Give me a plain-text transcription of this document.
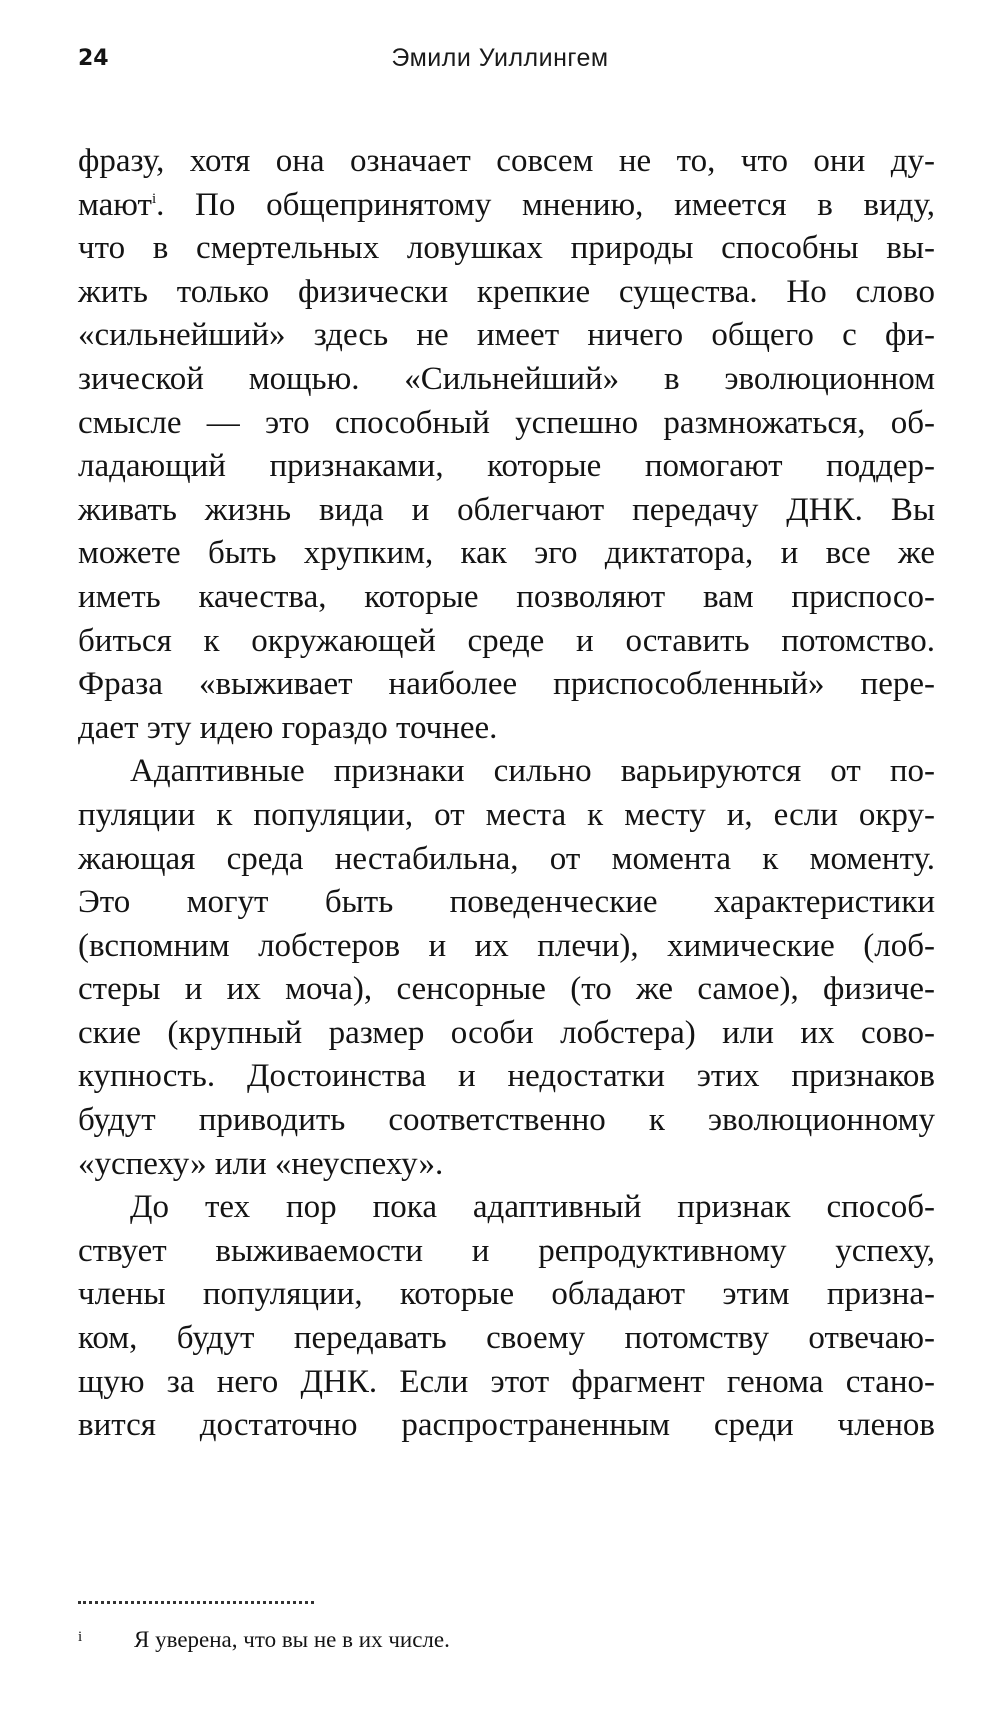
24	Эмили Уиллингем
фразу, хотя она означает совсем не то, что они ду-
мают$^i$. По общепринятому мнению, имеется в виду,
что в смертельных ловушках природы способны вы-
жить только физически крепкие существа. Но слово
«сильнейший» здесь не имеет ничего общего с фи-
зической мощью. «Сильнейший» в эволюционном
смысле — это способный успешно размножаться, об-
ладающий признаками, которые помогают поддер-
живать жизнь вида и облегчают передачу ДНК. Вы
можете быть хрупким, как эго диктатора, и все же
иметь качества, которые позволяют вам приспосо-
биться к окружающей среде и оставить потомство.
Фраза «выживает наиболее приспособленный» пере-
дает эту идею гораздо точнее.
Адаптивные признаки сильно варьируются от по-
пуляции к популяции, от места к месту и, если окру-
жающая среда нестабильна, от момента к моменту.
Это могут быть поведенческие характеристики
(вспомним лобстеров и их плечи), химические (лоб-
стеры и их моча), сенсорные (то же самое), физиче-
ские (крупный размер особи лобстера) или их сово-
купность. Достоинства и недостатки этих признаков
будут приводить соответственно к эволюционному
«успеху» или «неуспеху».
До тех пор пока адаптивный признак способ-
ствует выживаемости и репродуктивному успеху,
члены популяции, которые обладают этим призна-
ком, будут передавать своему потомству отвечаю-
щую за него ДНК. Если этот фрагмент генома стано-
вится достаточно распространенным среди членов
i Я уверена, что вы не в их числе.
